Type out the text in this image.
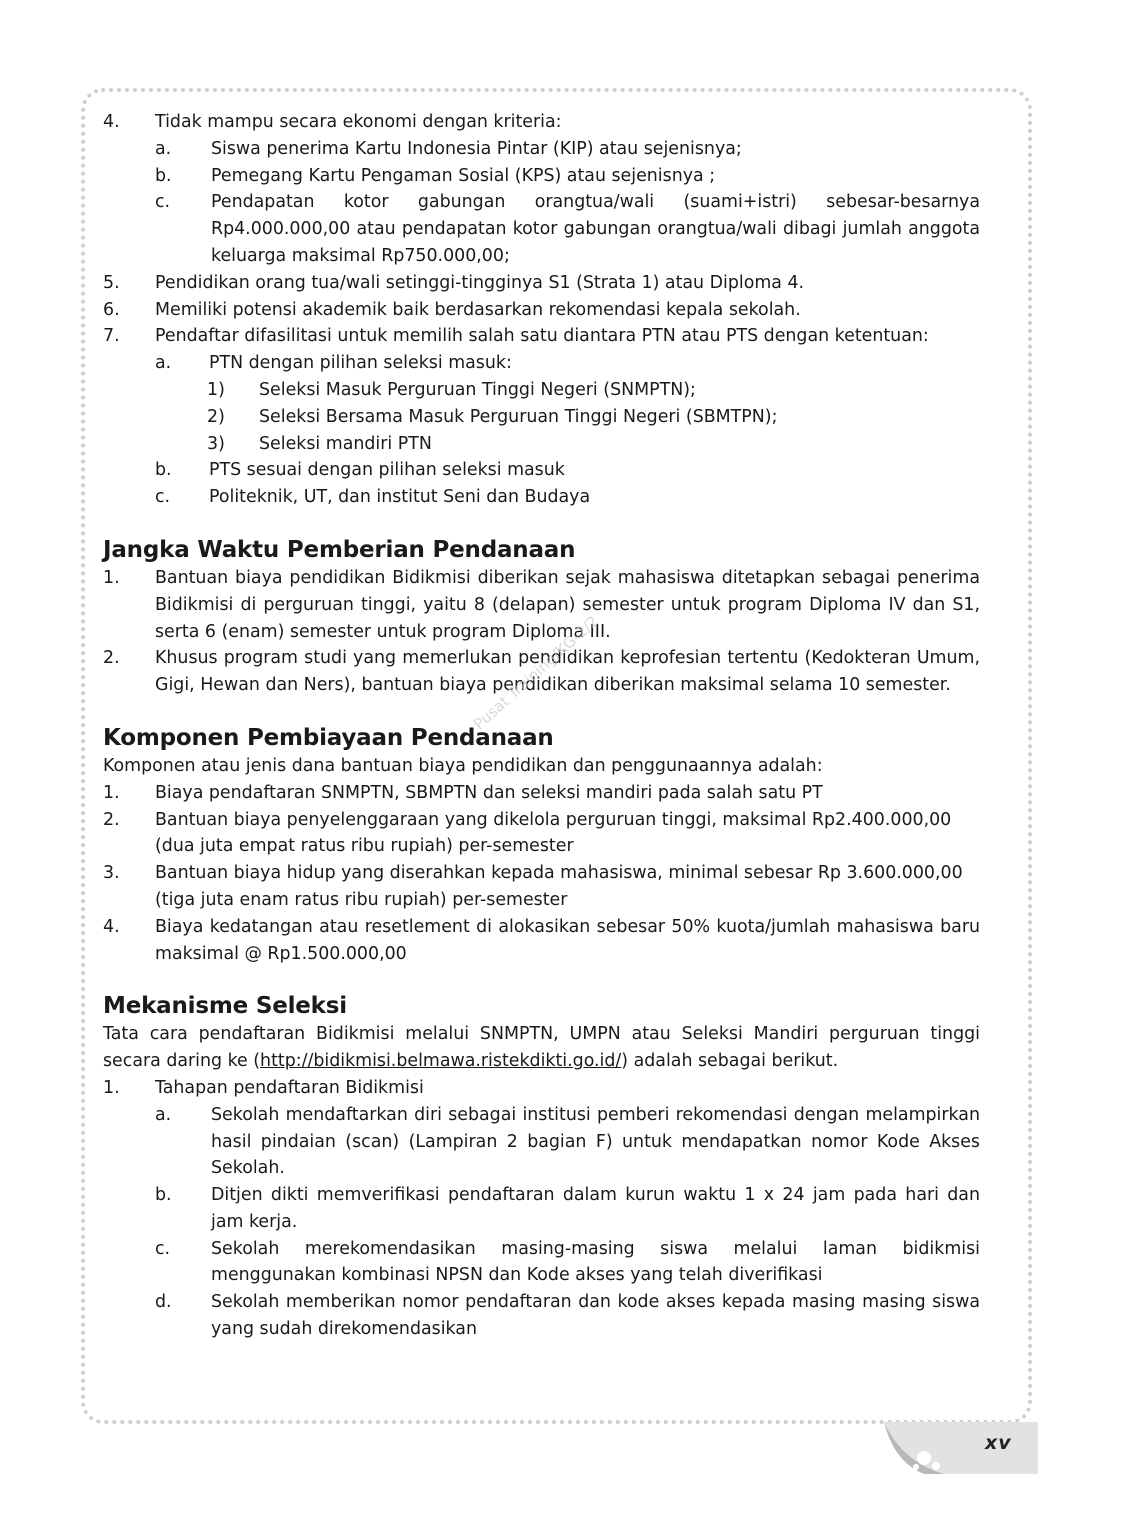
4.	Tidak mampu secara ekonomi dengan kriteria:
a.	Siswa penerima Kartu Indonesia Pintar (KIP) atau sejenisnya;
b.	Pemegang Kartu Pengaman Sosial (KPS) atau sejenisnya ;
c.	Pendapatan kotor gabungan orangtua/wali (suami+istri) sebesar-besarnya Rp4.000.000,00 atau pendapatan kotor gabungan orangtua/wali dibagi jumlah anggota keluarga maksimal Rp750.000,00;
5.	Pendidikan orang tua/wali setinggi-tingginya S1 (Strata 1) atau Diploma 4.
6.	Memiliki potensi akademik baik berdasarkan rekomendasi kepala sekolah.
7.	Pendaftar difasilitasi untuk memilih salah satu diantara PTN atau PTS dengan ketentuan:
a.	PTN dengan pilihan seleksi masuk:
1)	Seleksi Masuk Perguruan Tinggi Negeri (SNMPTN);
2)	Seleksi Bersama Masuk Perguruan Tinggi Negeri (SBMTPN);
3)	Seleksi mandiri PTN
b.	PTS sesuai dengan pilihan seleksi masuk
c.	Politeknik, UT, dan institut Seni dan Budaya
Jangka Waktu Pemberian Pendanaan
1.	Bantuan biaya pendidikan Bidikmisi diberikan sejak mahasiswa ditetapkan sebagai penerima Bidikmisi di perguruan tinggi, yaitu 8 (delapan) semester untuk program Diploma IV dan S1, serta 6 (enam) semester untuk program Diploma III.
2.	Khusus program studi yang memerlukan pendidikan keprofesian tertentu (Kedokteran Umum, Gigi, Hewan dan Ners), bantuan biaya pendidikan diberikan maksimal selama 10 semester.
Komponen Pembiayaan Pendanaan

Komponen atau jenis dana bantuan biaya pendidikan dan penggunaannya adalah:

1.	Biaya pendaftaran SNMPTN, SBMPTN dan seleksi mandiri pada salah satu PT
2.	Bantuan biaya penyelenggaraan yang dikelola perguruan tinggi, maksimal Rp2.400.000,00 (dua juta empat ratus ribu rupiah) per-semester
3.	Bantuan biaya hidup yang diserahkan kepada mahasiswa, minimal sebesar Rp 3.600.000,00 (tiga juta enam ratus ribu rupiah) per-semester
4.	Biaya kedatangan atau resetlement di alokasikan sebesar 50% kuota/jumlah mahasiswa baru maksimal @ Rp1.500.000,00
Mekanisme Seleksi

Tata cara pendaftaran Bidikmisi melalui SNMPTN, UMPN atau Seleksi Mandiri perguruan tinggi secara daring ke (http://bidikmisi.belmawa.ristekdikti.go.id/) adalah sebagai berikut.

1.	Tahapan pendaftaran Bidikmisi
a.	Sekolah mendaftarkan diri sebagai institusi pemberi rekomendasi dengan melampirkan hasil pindaian (scan) (Lampiran 2 bagian F) untuk mendapatkan nomor Kode Akses Sekolah.
b.	Ditjen dikti memverifikasi pendaftaran dalam kurun waktu 1 x 24 jam pada hari dan jam kerja.
c.	Sekolah merekomendasikan masing-masing siswa melalui laman bidikmisi menggunakan kombinasi NPSN dan Kode akses yang telah diverifikasi
d.	Sekolah memberikan nomor pendaftaran dan kode akses kepada masing masing siswa yang sudah direkomendasikan
Pusat Training/KG-2/2
xv
